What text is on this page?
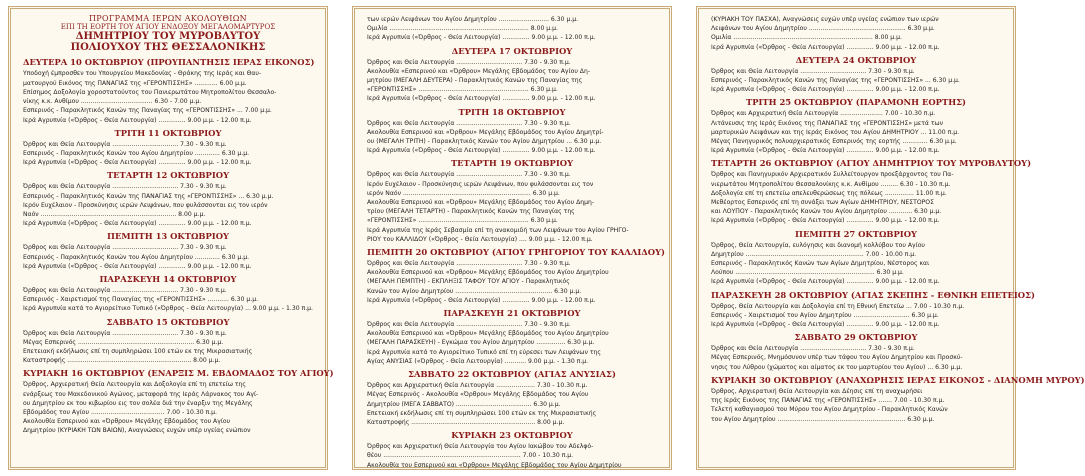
ΠΡΟΓΡΑΜΜΑ ΙΕΡΩΝ ΑΚΟΛΟΥΘΙΩΝ
ΕΠΙ ΤΗ ΕΟΡΤΗ ΤΟΥ ΑΓΙΟΥ ΕΝΔΟΞΟΥ ΜΕΓΑΛΟΜΑΡΤΥΡΟΣ
ΔΗΜΗΤΡΙΟΥ ΤΟΥ ΜΥΡΟΒΛΥΤΟΥ
ΠΟΛΙΟΥΧΟΥ ΤΗΣ ΘΕΣΣΑΛΟΝΙΚΗΣ
ΔΕΥΤΕΡΑ 10 ΟΚΤΩΒΡΙΟΥ (ΠΡΟΥΠΑΝΤΗΣΙΣ ΙΕΡΑΣ ΕΙΚΟΝΟΣ)
Υποδοχή έμπροσθεν του Υπουργείου Μακεδονίας - Θράκης της Ιεράς και Θαυ-
ματουργού Εικόνος της ΠΑΝΑΓΙΑΣ της «ΓΕΡΟΝΤΙΣΣΗΣ» ............ 6.00 μ.μ.
Επίσημος Δοξολογία χοροστατούντος του Πανιερωτάτου Μητροπολίτου Θεσσαλο-
νίκης κ.κ. Ανθίμου ..................................... 6.30 - 7.00 μ.μ.
Εσπερινός - Παρακλητικός Κανών της Παναγίας της «ΓΕΡΟΝΤΙΣΣΗΣ» ... 7.00 μ.μ.
Ιερά Αγρυπνία («Όρθρος - Θεία Λειτουργία) .............. 9.00 μ.μ. - 12.00 π.μ.
ΤΡΙΤΗ 11 ΟΚΤΩΒΡΙΟΥ
Όρθρος και Θεία Λειτουργία .................................. 7.30 - 9.30 π.μ.
Εσπερινός - Παρακλητικός Κανών του Αγίου Δημητρίου ............. 6.30 μ.μ.
Ιερά Αγρυπνία («Όρθρος - Θεία Λειτουργία) .............. 9.00 μ.μ. - 12.00 π.μ.
ΤΕΤΑΡΤΗ 12 ΟΚΤΩΒΡΙΟΥ
Όρθρος και Θεία Λειτουργία .................................. 7.30 - 9.30 π.μ.
Εσπερινός - Παρακλητικός Κανών της ΠΑΝΑΓΙΑΣ της «ΓΕΡΟΝΤΙΣΣΗΣ» ... 6.30 μ.μ.
Ιερόν Ευχέλαιον - Προσκύνησις ιερών Λειψάνων, που φυλάσσονται εις τον ιερόν
Ναόν ...................................................................... 8.00 μ.μ.
Ιερά Αγρυπνία («Όρθρος - Θεία Λειτουργία) .............. 9.00 μ.μ. - 12.00 π.μ.
ΠΕΜΠΤΗ 13 ΟΚΤΩΒΡΙΟΥ
Όρθρος και Θεία Λειτουργία .................................. 7.30 - 9.30 π.μ.
Εσπερινός - Παρακλητικός Κανών του Αγίου Δημητρίου ............. 6.30 μ.μ.
Ιερά Αγρυπνία («Όρθρος - Θεία Λειτουργία) .............. 9.00 μ.μ. - 12.00 π.μ.
ΠΑΡΑΣΚΕΥΗ 14 ΟΚΤΩΒΡΙΟΥ
Όρθρος και Θεία Λειτουργία .................................. 7.30 - 9.30 π.μ.
Εσπερινός - Χαιρετισμοί της Παναγίας της «ΓΕΡΟΝΤΙΣΣΗΣ» ........... 6.30 μ.μ.
Ιερά Αγρυπνία κατά το Αγιορείτικο Τυπικό («Όρθρος - Θεία Λειτουργία) ... 9.00 μ.μ. - 1.30 π.μ.
ΣΑΒΒΑΤΟ 15 ΟΚΤΩΒΡΙΟΥ
Όρθρος και Θεία Λειτουργία .................................. 7.30 - 9.30 π.μ.
Μέγας Εσπερινός ............................................................ 6.30 μ.μ.
Επετειακή εκδήλωσις επί τη συμπληρώσει 100 ετών εκ της Μικρασιατικής
Καταστροφής ................................................................ 8.00 μ.μ.
ΚΥΡΙΑΚΗ 16 ΟΚΤΩΒΡΙΟΥ (ΕΝΑΡΞΙΣ Μ. ΕΒΔΟΜΑΔΟΣ ΤΟΥ ΑΓΙΟΥ)
Όρθρος, Αρχιερατική Θεία Λειτουργία και Δοξολογία επί τη επετείω της
ενάρξεως του Μακεδονικού Αγώνος, μεταφορά της Ιεράς Λάρνακος του Αγί-
ου Δημητρίου εκ του κιβωρίου εις τον σολέα διά την έναρξιν της Μεγάλης
Εβδομάδος του Αγίου ...................................... 7.00 - 10.30 π.μ.
Ακολουθία Εσπερινού και «Όρθρου» Μεγάλης Εβδομάδος του Αγίου
Δημητρίου (ΚΥΡΙΑΚΗ ΤΩΝ ΒΑΙΩΝ), Αναγνώσεις ευχών υπέρ υγείας ενώπιον
των ιερών Λειψάνων του Αγίου Δημητρίου .......................... 6.30 μ.μ.
Ομιλία ........................................................................ 8.00 μ.μ.
Ιερά Αγρυπνία («Όρθρος - Θεία Λειτουργία) .............. 9.00 μ.μ. - 12.00 π.μ.
ΔΕΥΤΕΡΑ 17 ΟΚΤΩΒΡΙΟΥ
Όρθρος και Θεία Λειτουργία .................................. 7.30 - 9.30 π.μ.
Ακολουθία «Εσπερινού και «Όρθρου» Μεγάλης Εβδομάδος του Αγίου Δη-
μητρίου (ΜΕΓΑΛΗ ΔΕΥΤΕΡΑ) - Παρακλητικός Κανών της Παναγίας της
«ΓΕΡΟΝΤΙΣΣΗΣ» ......................................................... 6.30 μ.μ.
Ιερά Αγρυπνία («Όρθρος - Θεία Λειτουργία) .............. 9.00 μ.μ. - 12.00 π.μ.
ΤΡΙΤΗ 18 ΟΚΤΩΒΡΙΟΥ
Όρθρος και Θεία Λειτουργία .................................. 7.30 - 9.30 π.μ.
Ακολουθία Εσπερινού και «Όρθρου» Μεγάλης Εβδομάδος του Αγίου Δημητρί-
ου (ΜΕΓΑΛΗ ΤΡΙΤΗ) - Παρακλητικός Κανών του Αγίου Δημητρίου ... 6.30 μ.μ.
Ιερά Αγρυπνία («Όρθρος - Θεία Λειτουργία) .............. 9.00 μ.μ. - 12.00 π.μ.
ΤΕΤΑΡΤΗ 19 ΟΚΤΩΒΡΙΟΥ
Όρθρος και Θεία Λειτουργία .................................. 7.30 - 9.30 π.μ.
Ιερόν Ευχέλαιον - Προσκύνησις ιερών Λειψάνων, που φυλάσσονται εις τον
ιερόν Ναόν .................................................................. 6.30 μ.μ.
Ακολουθία Εσπερινού και «Όρθρου» Μεγάλης Εβδομάδος του Αγίου Δημη-
τρίου (ΜΕΓΑΛΗ ΤΕΤΑΡΤΗ) - Παρακλητικός Κανών της Παναγίας της
«ΓΕΡΟΝΤΙΣΣΗΣ» ......................................................... 6.30 μ.μ.
Ιερά Αγρυπνία της Ιεράς Σεβασμία επί τη ανακομιδή των Λειψάνων του Αγίου ΓΡΗΓΟ-
ΡΙΟΥ του ΚΑΛΛΙΔΟΥ («Όρθρος - Θεία Λειτουργία) .... 9.00 μ.μ. - 12.00 π.μ.
ΠΕΜΠΤΗ 20 ΟΚΤΩΒΡΙΟΥ (ΑΓΙΟΥ ΓΡΗΓΟΡΙΟΥ ΤΟΥ ΚΑΛΛΙΔΟΥ)
Όρθρος και Θεία Λειτουργία .................................. 7.30 - 9.30 π.μ.
Ακολουθία Εσπερινού και «Όρθρου» Μεγάλης Εβδομάδος του Αγίου Δημητρίου
(ΜΕΓΑΛΗ ΠΕΜΠΤΗ) - ΕΚΠΛΗΞΙΣ ΤΑΦΟΥ ΤΟΥ ΑΓΙΟΥ - Παρακλητικός
Κανών του Αγίου Δημητρίου .................................................. 6.30 μ.μ.
Ιερά Αγρυπνία («Όρθρος - Θεία Λειτουργία) .............. 9.00 μ.μ. - 12.00 π.μ.
ΠΑΡΑΣΚΕΥΗ 21 ΟΚΤΩΒΡΙΟΥ
Όρθρος και Θεία Λειτουργία .................................. 7.30 - 9.30 π.μ.
Ακολουθία Εσπερινού και «Όρθρου» Μεγάλης Εβδομάδος του Αγίου Δημητρίου
(ΜΕΓΑΛΗ ΠΑΡΑΣΚΕΥΗ) - Εγκώμια του Αγίου Δημητρίου ............... 6.30 μ.μ.
Ιερά Αγρυπνία κατά το Αγιορείτικο Τυπικό επί τη εύρεσει των Λειψάνων της
Αγίας ΑΝΥΣΙΑΣ («Όρθρος - Θεία Λειτουργία) ........... 9.00 μ.μ. - 1.30 π.μ.
ΣΑΒΒΑΤΟ 22 ΟΚΤΩΒΡΙΟΥ (ΑΓΙΑΣ ΑΝΥΣΙΑΣ)
Όρθρος και Αρχιερατική Θεία Λειτουργία .................... 7.30 - 10.30 π.μ.
Μέγας Εσπερινός - Ακολουθία «Όρθρου» Μεγάλης Εβδομάδος του Αγίου
Δημητρίου (ΜΕΓΑ ΣΑΒΒΑΤΟ) ....................................... 6.30 μ.μ.
Επετειακή εκδήλωσις επί τη συμπληρώσει 100 ετών εκ της Μικρασιατικής
Καταστροφής ................................................................ 8.00 μ.μ.
ΚΥΡΙΑΚΗ 23 ΟΚΤΩΒΡΙΟΥ
Όρθρος και Αρχιερατική Θεία Λειτουργία του Αγίου Ιακώβου του Αδελφό-
θέου ....................................................................... 7.00 - 10.30 π.μ.
Ακολουθία του Εσπερινού και «Όρθρου» Μεγάλης Εβδομάδος του Αγίου Δημητρίου
(ΚΥΡΙΑΚΗ ΤΟΥ ΠΑΣΧΑ), Αναγνώσεις ευχών υπέρ υγείας ενώπιον των ιερών
Λειψάνων του Αγίου Δημητρίου .................................................. 6.30 μ.μ.
Ομιλία ........................................................................ 8.00 μ.μ.
Ιερά Αγρυπνία («Όρθρος - Θεία Λειτουργία) .............. 9.00 μ.μ. - 12.00 π.μ.
ΔΕΥΤΕΡΑ 24 ΟΚΤΩΒΡΙΟΥ
Όρθρος και Θεία Λειτουργία .................................. 7.30 - 9.30 π.μ.
Εσπερινός - Παρακλητικός Κανών της Παναγίας της «ΓΕΡΟΝΤΙΣΣΗΣ» ... 6.30 μ.μ.
Ιερά Αγρυπνία («Όρθρος - Θεία Λειτουργία) .............. 9.00 μ.μ. - 12.00 π.μ.
ΤΡΙΤΗ 25 ΟΚΤΩΒΡΙΟΥ (ΠΑΡΑΜΟΝΗ ΕΟΡΤΗΣ)
Όρθρος και Αρχιερατική Θεία Λειτουργία ...................... 7.00 - 10.30 π.μ.
Λιτάνευσις της Ιεράς Εικόνος της ΠΑΝΑΓΙΑΣ της «ΓΕΡΟΝΤΙΣΣΗΣ» μετά των
μαρτυρικών Λειψάνων και της Ιεράς Εικόνος του Αγίου ΔΗΜΗΤΡΙΟΥ ... 11.00 π.μ.
Μέγας Πανηγυρικός πολυαρχιερατικός Εσπερινός της εορτής ............. 6.30 μ.μ.
Ιερά Αγρυπνία («Όρθρος - Θεία Λειτουργία) .............. 9.00 μ.μ. - 12.00 π.μ.
ΤΕΤΑΡΤΗ 26 ΟΚΤΩΒΡΙΟΥ (ΑΓΙΟΥ ΔΗΜΗΤΡΙΟΥ ΤΟΥ ΜΥΡΟΒΛΥΤΟΥ)
Όρθρος και Πανηγυρικόν Αρχιερατικόν Συλλείτουργον προεξάρχοντος του Πα-
νιερωτάτου Μητροπολίτου Θεσσαλονίκης κ.κ. Ανθίμου ......... 6.30 - 10.30 π.μ.
Δοξολογία επί τη επετείω απελευθερώσεως της πόλεως ............... 11.00 π.μ.
Μεθέορτος Εσπερινός επί τη συνάξει των Αγίων ΔΗΜΗΤΡΙΟΥ, ΝΕΣΤΟΡΟΣ
και ΛΟΥΠΟΥ - Παρακλητικός Κανών του Αγίου Δημητρίου ............ 6.30 μ.μ.
Ιερά Αγρυπνία («Όρθρος - Θεία Λειτουργία) .............. 9.00 μ.μ. - 12.00 π.μ.
ΠΕΜΠΤΗ 27 ΟΚΤΩΒΡΙΟΥ
Όρθρος, Θεία Λειτουργία, ευλόγησις και διανομή κολλύβου του Αγίου
Δημητρίου ............................................................. 7.00 - 10.00 π.μ.
Εσπερινός - Παρακλητικός Κανών των Αγίων Δημητρίου, Νέστορος και
Λούπου ........................................................................ 6.30 μ.μ.
Ιερά Αγρυπνία («Όρθρος - Θεία Λειτουργία) .............. 9.00 μ.μ. - 12.00 π.μ.
ΠΑΡΑΣΚΕΥΗ 28 ΟΚΤΩΒΡΙΟΥ (ΑΓΙΑΣ ΣΚΕΠΗΣ - ΕΘΝΙΚΗ ΕΠΕΤΕΙΟΣ)
Όρθρος, Θεία Λειτουργία και Δοξολογία επί τη Εθνική Επετείω ... 7.00 - 10.30 π.μ.
Εσπερινός - Χαιρετισμοί του Αγίου Δημητρίου ............................. 6.30 μ.μ.
Ιερά Αγρυπνία («Όρθρος - Θεία Λειτουργία) .............. 9.00 μ.μ. - 12.00 π.μ.
ΣΑΒΒΑΤΟ 29 ΟΚΤΩΒΡΙΟΥ
Όρθρος και Θεία Λειτουργία .................................. 7.30 - 9.30 π.μ.
Μέγας Εσπερινός, Μνημόσυνον υπέρ των τάφου του Αγίου Δημητρίου και Προσκύ-
νησις του Λύθρου (χώματος και αίματος εκ του μαρτυρίου του Αγίου) ... 6.30 μ.μ.
ΚΥΡΙΑΚΗ 30 ΟΚΤΩΒΡΙΟΥ (ΑΝΑΧΩΡΗΣΙΣ ΙΕΡΑΣ ΕΙΚΟΝΟΣ - ΔΙΑΝΟΜΗ ΜΥΡΟΥ)
Όρθρος, Αρχιερατική Θεία Λειτουργία και Δέησις επί τη αναχωρήσει
της Ιεράς Εικόνος της ΠΑΝΑΓΙΑΣ της «ΓΕΡΟΝΤΙΣΣΗΣ» ....... 7.00 - 10.30 π.μ.
Τελετή καθαγιασμού του Μύρου του Αγίου Δημητρίου - Παρακλητικός Κανών
του Αγίου Δημητρίου .................................................................. 6.30 μ.μ.
